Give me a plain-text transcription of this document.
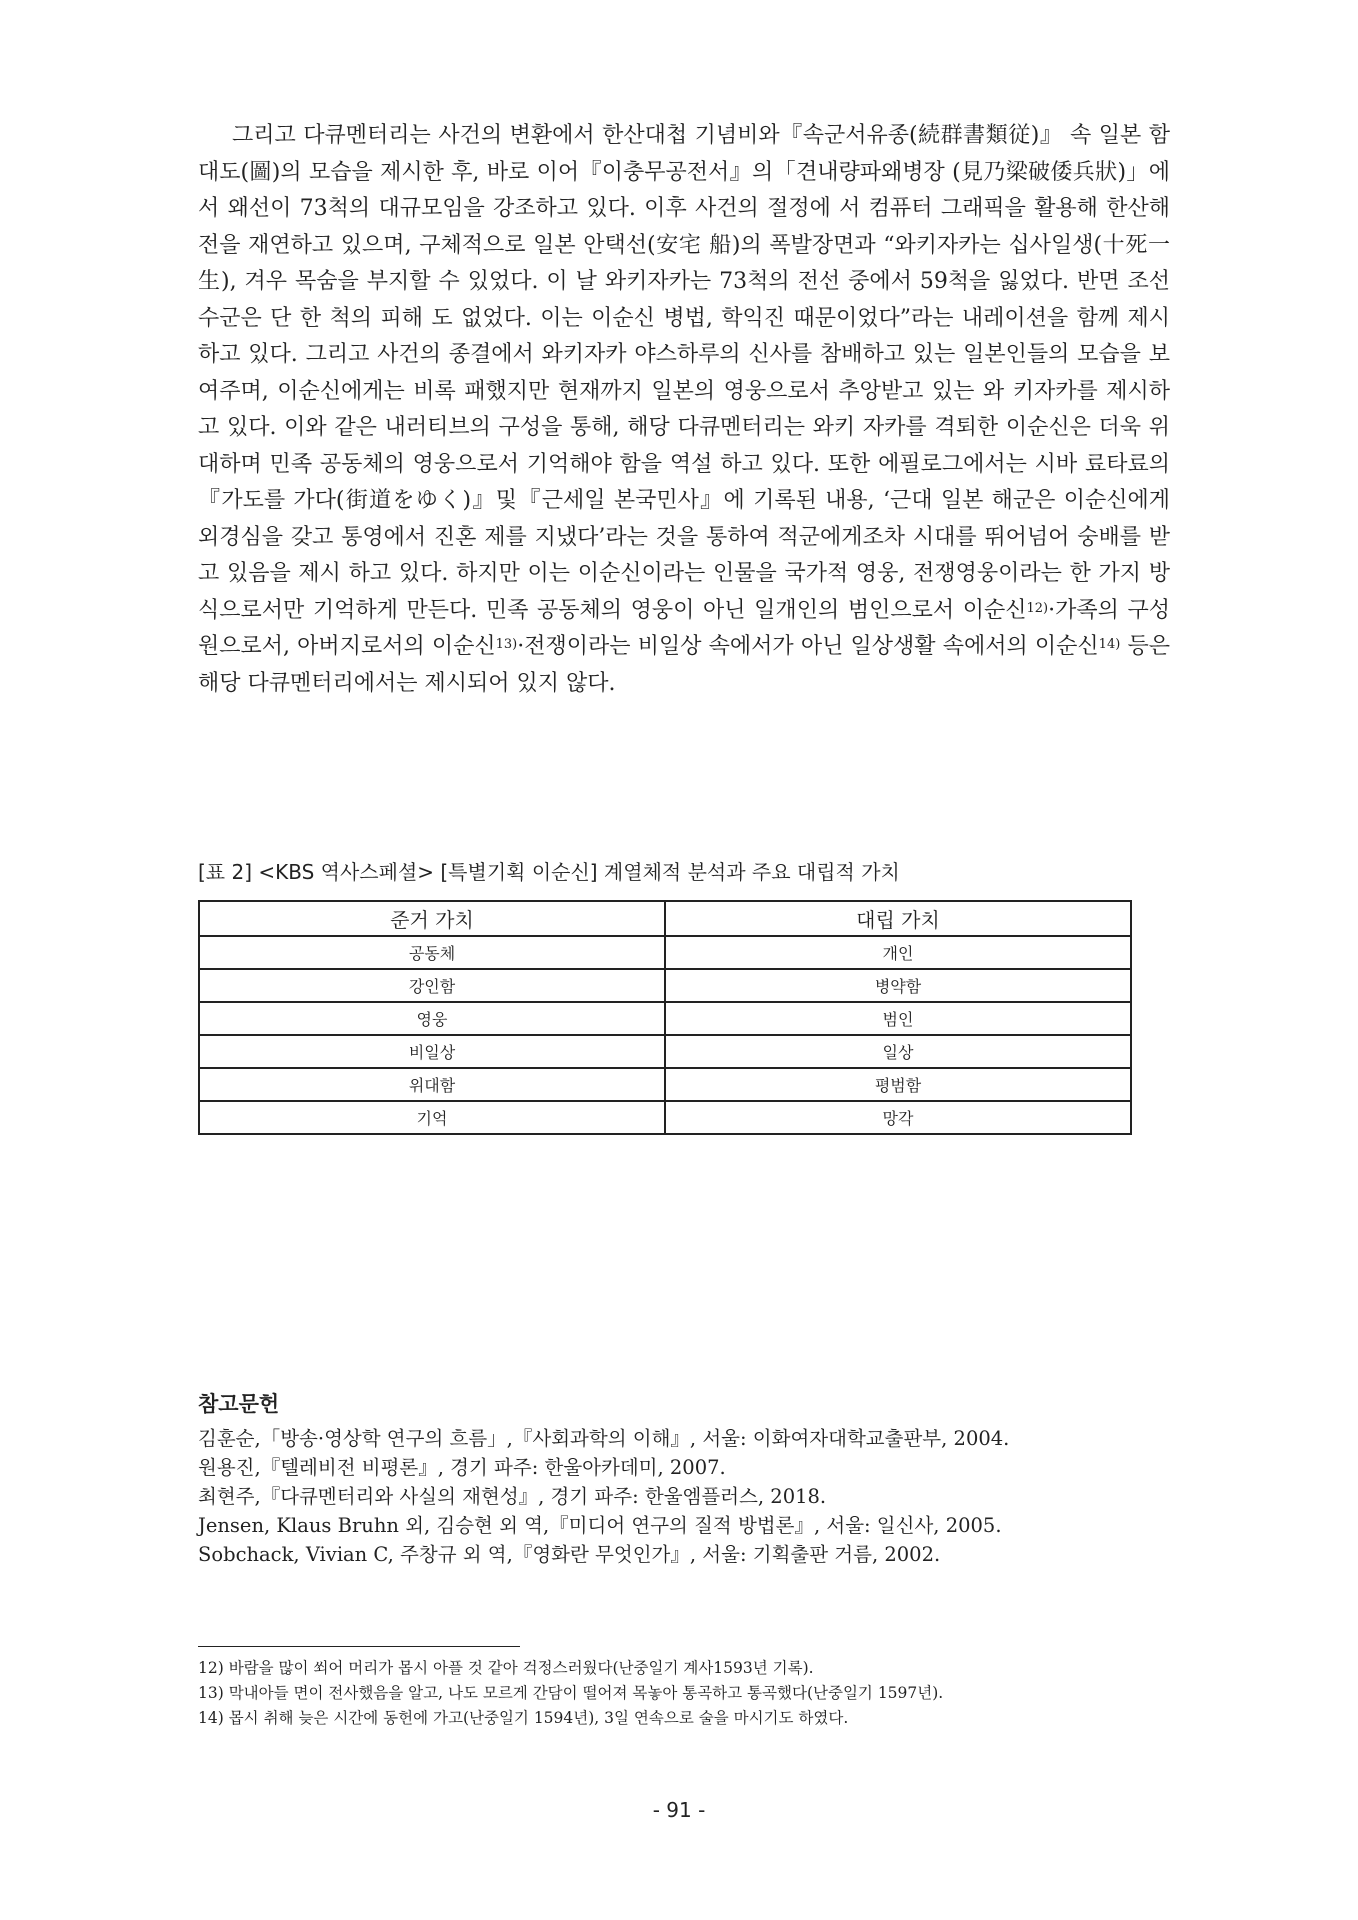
그리고 다큐멘터리는 사건의 변환에서 한산대첩 기념비와『속군서유종(続群書類従)』 속 일본 함대도(圖)의 모습을 제시한 후, 바로 이어『이충무공전서』의「견내량파왜병장 (見乃梁破倭兵狀)」에서 왜선이 73척의 대규모임을 강조하고 있다. 이후 사건의 절정에 서 컴퓨터 그래픽을 활용해 한산해전을 재연하고 있으며, 구체적으로 일본 안택선(安宅 船)의 폭발장면과 “와키자카는 십사일생(十死一生), 겨우 목숨을 부지할 수 있었다. 이 날 와키자카는 73척의 전선 중에서 59척을 잃었다. 반면 조선 수군은 단 한 척의 피해 도 없었다. 이는 이순신 병법, 학익진 때문이었다”라는 내레이션을 함께 제시하고 있다. 그리고 사건의 종결에서 와키자카 야스하루의 신사를 참배하고 있는 일본인들의 모습을 보여주며, 이순신에게는 비록 패했지만 현재까지 일본의 영웅으로서 추앙받고 있는 와 키자카를 제시하고 있다. 이와 같은 내러티브의 구성을 통해, 해당 다큐멘터리는 와키 자카를 격퇴한 이순신은 더욱 위대하며 민족 공동체의 영웅으로서 기억해야 함을 역설 하고 있다. 또한 에필로그에서는 시바 료타료의『가도를 가다(街道をゆく)』및『근세일 본국민사』에 기록된 내용, ‘근대 일본 해군은 이순신에게 외경심을 갖고 통영에서 진혼 제를 지냈다’라는 것을 통하여 적군에게조차 시대를 뛰어넘어 숭배를 받고 있음을 제시 하고 있다. 하지만 이는 이순신이라는 인물을 국가적 영웅, 전쟁영웅이라는 한 가지 방 식으로서만 기억하게 만든다. 민족 공동체의 영웅이 아닌 일개인의 범인으로서 이순신$^{12)}$·가족의 구성원으로서, 아버지로서의 이순신$^{13)}$·전쟁이라는 비일상 속에서가 아닌 일상생활 속에서의 이순신$^{14)}$ 등은 해당 다큐멘터리에서는 제시되어 있지 않다.

[표 2] <KBS 역사스페셜> [특별기획 이순신] 계열체적 분석과 주요 대립적 가치

준거 가치	대립 가치
공동체	개인
강인함	병약함
영웅	범인
비일상	일상
위대함	평범함
기억	망각
참고문헌
김훈순,「방송·영상학 연구의 흐름」,『사회과학의 이해』, 서울: 이화여자대학교출판부, 2004.
원용진,『텔레비전 비평론』, 경기 파주: 한울아카데미, 2007.
최현주,『다큐멘터리와 사실의 재현성』, 경기 파주: 한울엠플러스, 2018.
Jensen, Klaus Bruhn 외, 김승현 외 역,『미디어 연구의 질적 방법론』, 서울: 일신사, 2005.
Sobchack, Vivian C, 주창규 외 역,『영화란 무엇인가』, 서울: 기획출판 거름, 2002.
12) 바람을 많이 쐬어 머리가 몹시 아플 것 같아 걱정스러웠다(난중일기 계사1593년 기록).
13) 막내아들 면이 전사했음을 알고, 나도 모르게 간담이 떨어져 목놓아 통곡하고 통곡했다(난중일기 1597년).
14) 몹시 취해 늦은 시간에 동헌에 가고(난중일기 1594년), 3일 연속으로 술을 마시기도 하였다.

- 91 -
